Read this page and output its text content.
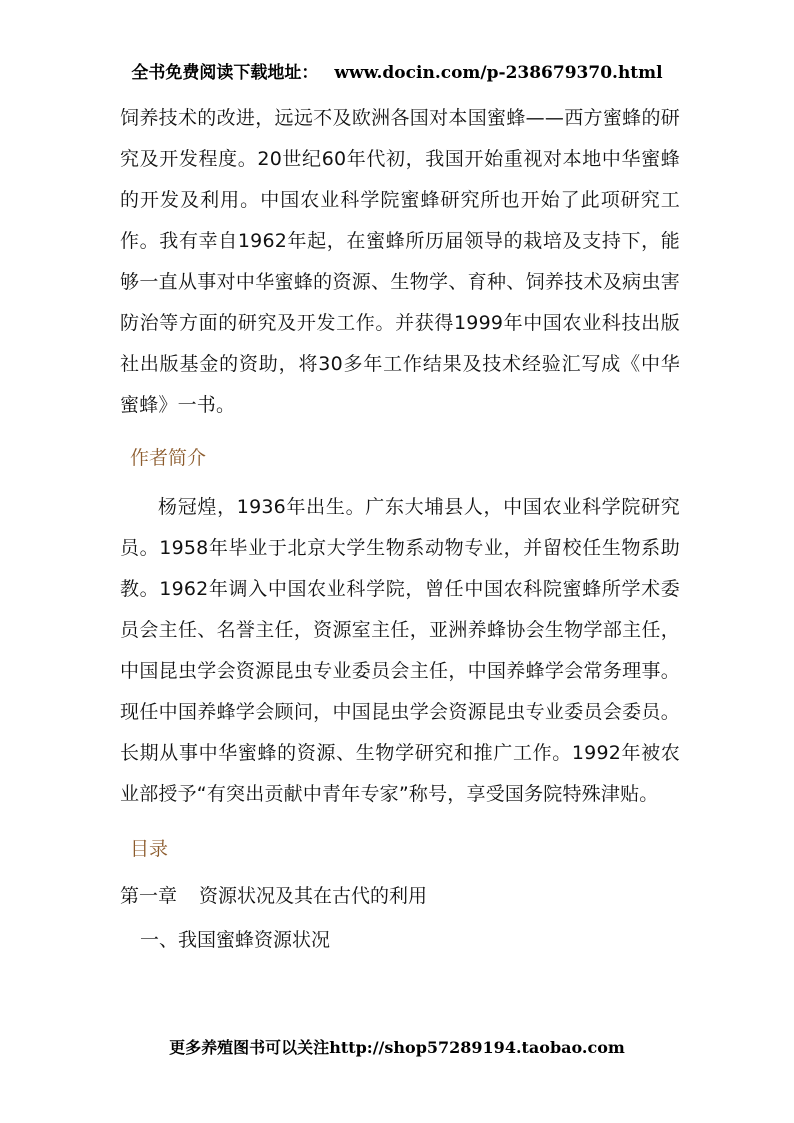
全书免费阅读下载地址： www.docin.com/p-238679370.html

饲养技术的改进，远远不及欧洲各国对本国蜜蜂——西方蜜蜂的研究及开发程度。20世纪60年代初，我国开始重视对本地中华蜜蜂的开发及利用。中国农业科学院蜜蜂研究所也开始了此项研究工作。我有幸自1962年起，在蜜蜂所历届领导的栽培及支持下，能够一直从事对中华蜜蜂的资源、生物学、育种、饲养技术及病虫害防治等方面的研究及开发工作。并获得1999年中国农业科技出版社出版基金的资助，将30多年工作结果及技术经验汇写成《中华蜜蜂》一书。

作者简介

杨冠煌，1936年出生。广东大埔县人，中国农业科学院研究员。1958年毕业于北京大学生物系动物专业，并留校任生物系助教。1962年调入中国农业科学院，曾任中国农科院蜜蜂所学术委员会主任、名誉主任，资源室主任，亚洲养蜂协会生物学部主任，中国昆虫学会资源昆虫专业委员会主任，中国养蜂学会常务理事。现任中国养蜂学会顾问，中国昆虫学会资源昆虫专业委员会委员。长期从事中华蜜蜂的资源、生物学研究和推广工作。1992年被农业部授予“有突出贡献中青年专家”称号，享受国务院特殊津贴。

目录

第一章 资源状况及其在古代的利用

一、我国蜜蜂资源状况

更多养殖图书可以关注http://shop57289194.taobao.com
